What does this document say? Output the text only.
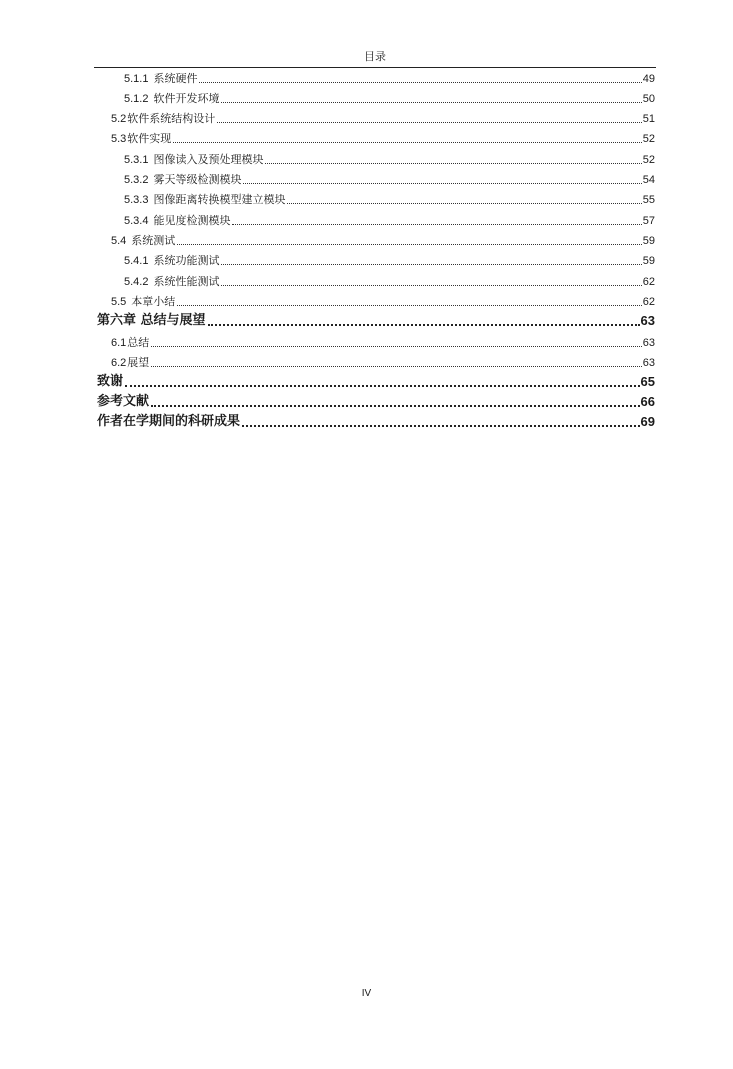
目录
5.1.1 系统硬件	49
5.1.2 软件开发环境	50
5.2软件系统结构设计	51
5.3软件实现	52
5.3.1 图像读入及预处理模块	52
5.3.2 雾天等级检测模块	54
5.3.3 图像距离转换模型建立模块	55
5.3.4 能见度检测模块	57
5.4 系统测试	59
5.4.1 系统功能测试	59
5.4.2 系统性能测试	62
5.5 本章小结	62
第六章 总结与展望	63
6.1总结	63
6.2展望	63
致谢	65
参考文献	66
作者在学期间的科研成果	69
IV
